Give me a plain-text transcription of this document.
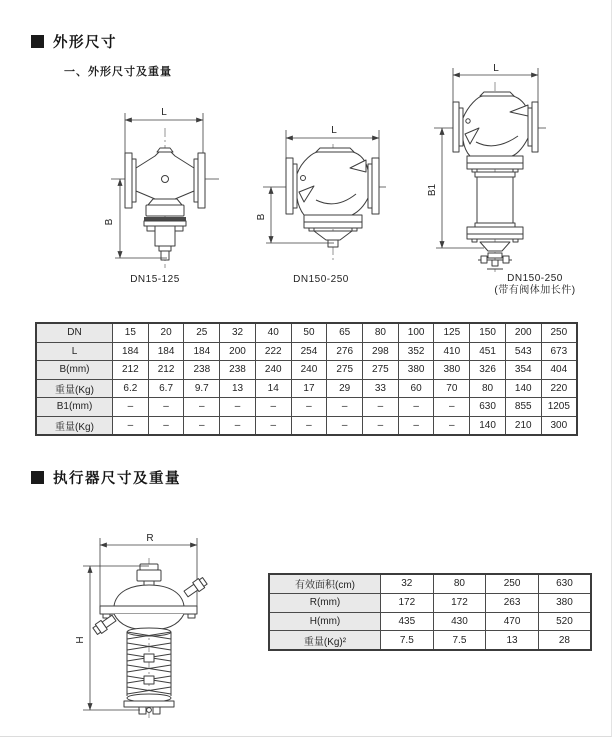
外形尺寸
一、外形尺寸及重量
L
B
DN15-125
L
B
DN150-250
L
B1
DN150-250
(带有阀体加长件)
DN	15	20	25	32	40	50	65	80	100	125	150	200	250
L	184	184	184	200	222	254	276	298	352	410	451	543	673
B(mm)	212	212	238	238	240	240	275	275	380	380	326	354	404
重量(Kg)	6.2	6.7	9.7	13	14	17	29	33	60	70	80	140	220
B1(mm)	–	–	–	–	–	–	–	–	–	–	630	855	1205
重量(Kg)	–	–	–	–	–	–	–	–	–	–	140	210	300
执行器尺寸及重量
R
H
有效面积(cm)	32	80	250	630
R(mm)	172	172	263	380
H(mm)	435	430	470	520
重量(Kg)²	7.5	7.5	13	28
